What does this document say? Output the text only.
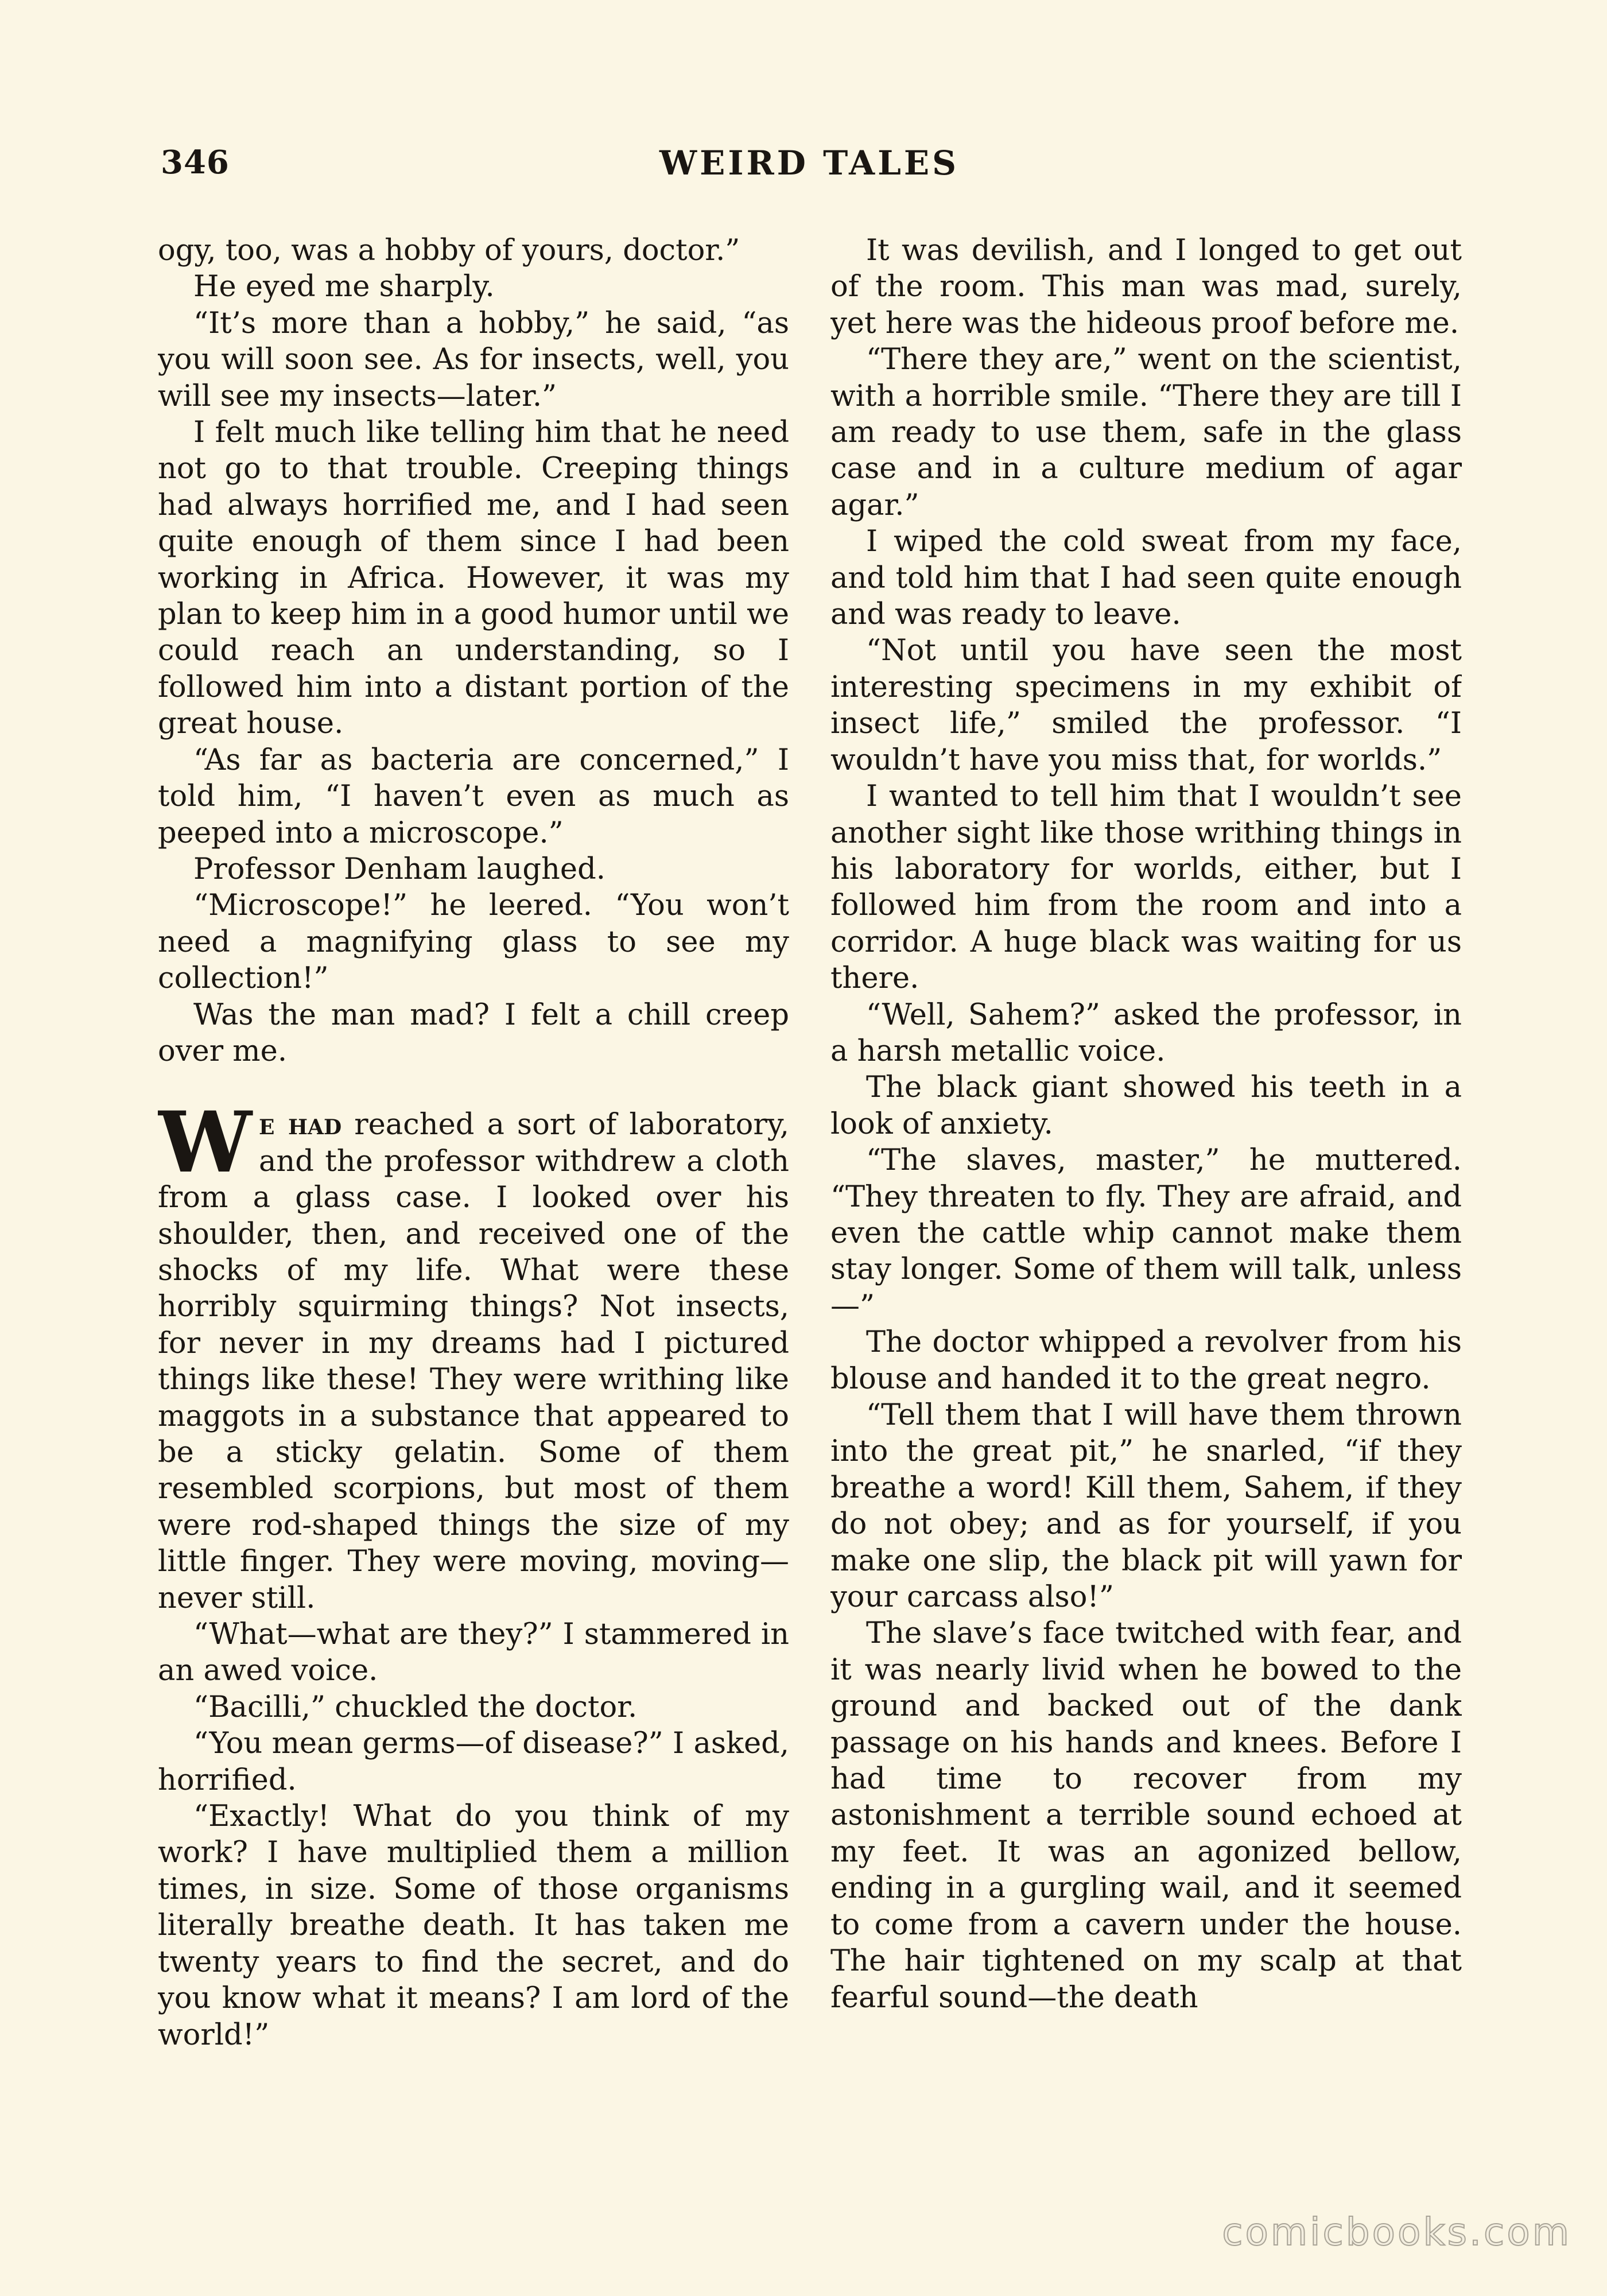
346	WEIRD TALES

ogy, too, was a hobby of yours, doctor.”

He eyed me sharply.

“It’s more than a hobby,” he said, “as you will soon see. As for insects, well, you will see my insects—later.”

I felt much like telling him that he need not go to that trouble. Creeping things had always horrified me, and I had seen quite enough of them since I had been working in Africa. However, it was my plan to keep him in a good humor until we could reach an understanding, so I followed him into a distant portion of the great house.

“As far as bacteria are concerned,” I told him, “I haven’t even as much as peeped into a microscope.”

Professor Denham laughed.

“Microscope!” he leered. “You won’t need a magnifying glass to see my collection!”

Was the man mad? I felt a chill creep over me.

We had reached a sort of laboratory, and the professor withdrew a cloth from a glass case. I looked over his shoulder, then, and received one of the shocks of my life. What were these horribly squirming things? Not insects, for never in my dreams had I pictured things like these! They were writhing like maggots in a substance that appeared to be a sticky gelatin. Some of them resembled scorpions, but most of them were rod-shaped things the size of my little finger. They were moving, moving—never still.

“What—what are they?” I stammered in an awed voice.

“Bacilli,” chuckled the doctor.

“You mean germs—of disease?” I asked, horrified.

“Exactly! What do you think of my work? I have multiplied them a million times, in size. Some of those organisms literally breathe death. It has taken me twenty years to find the secret, and do you know what it means? I am lord of the world!”

It was devilish, and I longed to get out of the room. This man was mad, surely, yet here was the hideous proof before me.

“There they are,” went on the scientist, with a horrible smile. “There they are till I am ready to use them, safe in the glass case and in a culture medium of agar agar.”

I wiped the cold sweat from my face, and told him that I had seen quite enough and was ready to leave.

“Not until you have seen the most interesting specimens in my exhibit of insect life,” smiled the professor. “I wouldn’t have you miss that, for worlds.”

I wanted to tell him that I wouldn’t see another sight like those writhing things in his laboratory for worlds, either, but I followed him from the room and into a corridor. A huge black was waiting for us there.

“Well, Sahem?” asked the professor, in a harsh metallic voice.

The black giant showed his teeth in a look of anxiety.

“The slaves, master,” he muttered. “They threaten to fly. They are afraid, and even the cattle whip cannot make them stay longer. Some of them will talk, unless—”

The doctor whipped a revolver from his blouse and handed it to the great negro.

“Tell them that I will have them thrown into the great pit,” he snarled, “if they breathe a word! Kill them, Sahem, if they do not obey; and as for yourself, if you make one slip, the black pit will yawn for your carcass also!”

The slave’s face twitched with fear, and it was nearly livid when he bowed to the ground and backed out of the dank passage on his hands and knees. Before I had time to recover from my astonishment a terrible sound echoed at my feet. It was an agonized bellow, ending in a gurgling wail, and it seemed to come from a cavern under the house. The hair tightened on my scalp at that fearful sound—the death

comicbooks.com
